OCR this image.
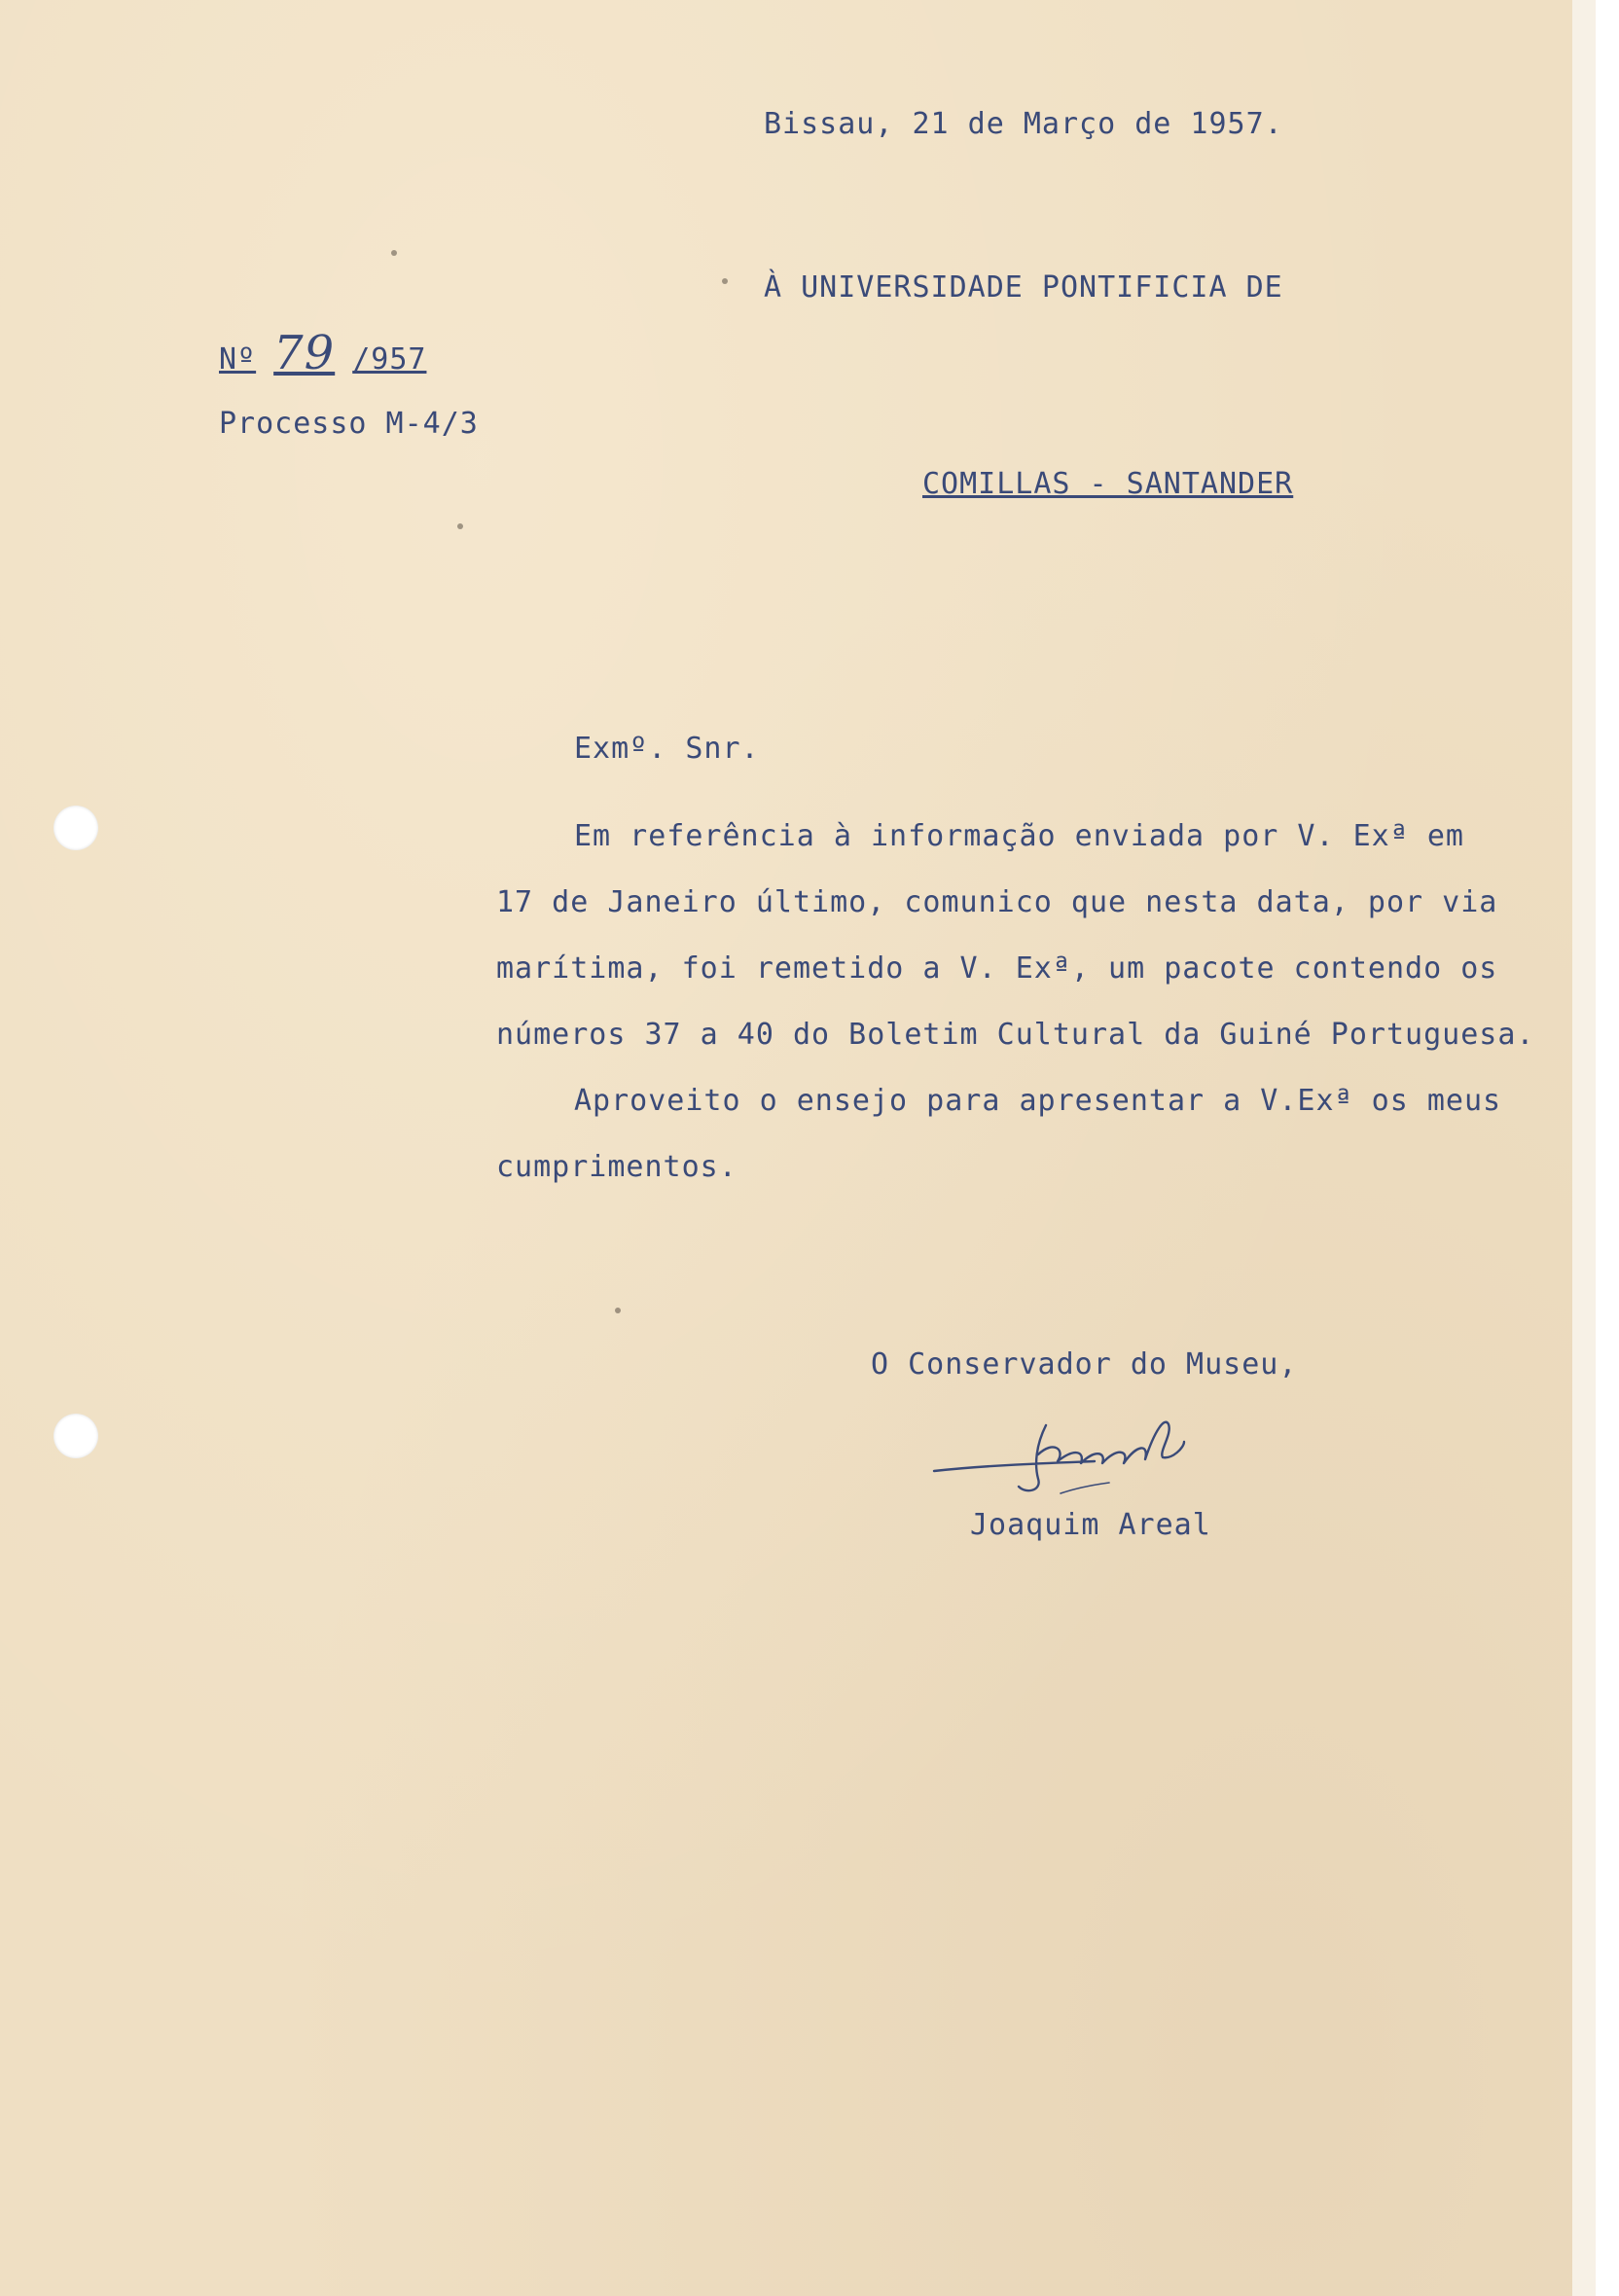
Bissau, 21 de Março de 1957.
À UNIVERSIDADE PONTIFICIA DE
Nº 79 /957
Processo M-4/3
COMILLAS - SANTANDER
Exmº. Snr.
Em referência à informação enviada por V. Exª em
17 de Janeiro último, comunico que nesta data, por via
marítima, foi remetido a V. Exª, um pacote contendo os
números 37 a 40 do Boletim Cultural da Guiné Portuguesa.
Aproveito o ensejo para apresentar a V.Exª os meus
cumprimentos.
O Conservador do Museu,
Joaquim Areal
